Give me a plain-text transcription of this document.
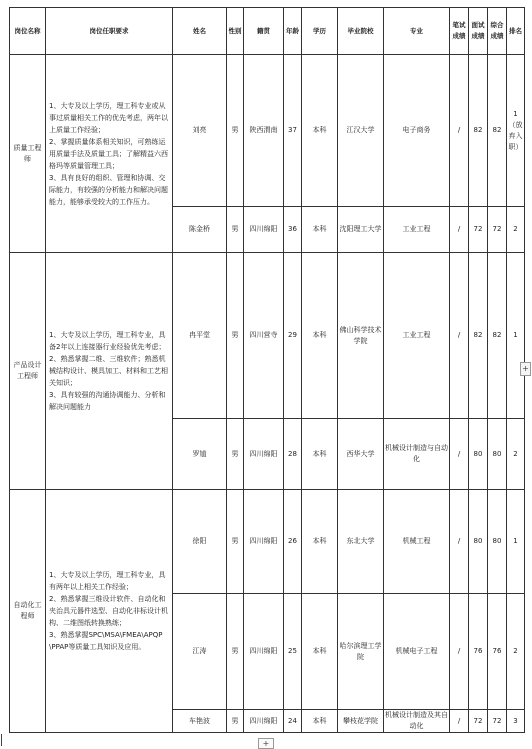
岗位名称	岗位任职要求	姓名	性别	籍贯	年龄	学历	毕业院校	专业	笔试成绩	面试成绩	综合成绩	排名
质量工程师	1、大专及以上学历，理工科专业或从事过质量相关工作的优先考虑，两年以上质量工作经验；
2、掌握质量体系相关知识，可熟练运用质量手法及质量工具；了解精益六西格玛等质量管理工具；
3、具有良好的组织、管理和协调、交际能力，有较强的分析能力和解决问题能力，能够承受较大的工作压力。	刘亮	男	陕西渭南	37	本科	江汉大学	电子商务	/	82	82	1
（放弃入职）
		陈金桥	男	四川绵阳	36	本科	沈阳理工大学	工业工程	/	72	72	2
产品设计工程师	1、大专及以上学历，理工科专业，具备2年以上连接器行业经验优先考虑；
2、熟悉掌握二维、三维软件；熟悉机械结构设计、模具加工、材料和工艺相关知识；
3、具有较强的沟通协调能力、分析和解决问题能力	冉平堂	男	四川营寺	29	本科	佛山科学技术学院	工业工程	/	82	82	1
		罗馗	男	四川绵阳	28	本科	西华大学	机械设计制造与自动化	/	80	80	2
自动化工程师	1、大专及以上学历，理工科专业，具有两年以上相关工作经验；
2、熟悉掌握三维设计软件、自动化和夹治具元器件选型、自动化非标设计机构、二维图纸转换熟练；
3、熟悉掌握SPC\MSA\FMEA\APQP\PPAP等质量工具知识及应用。	徐阳	男	四川绵阳	26	本科	东北大学	机械工程	/	80	80	1
		江涛	男	四川绵阳	25	本科	哈尔滨理工学院	机械电子工程	/	76	76	2
		车艳波	男	四川绵阳	24	本科	攀枝花学院	机械设计制造及其自动化	/	72	72	3
+
+
